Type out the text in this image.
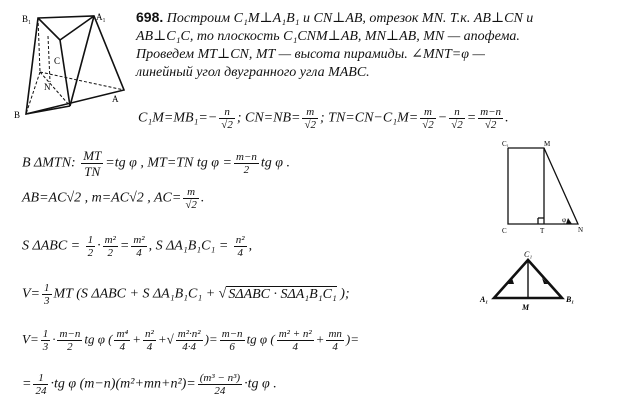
B₁	A₁
C
N
B
A
698. Построим C₁M⊥A₁B₁ и CN⊥AB, отрезок MN. Т.к. AB⊥CN и
AB⊥C₁C, то плоскость C₁CNM⊥AB, MN⊥AB, MN — апофема.
Проведем MT⊥CN, MT — высота пирамиды. ∠MNT=φ —
линейный угол двугранного угла MABC.
$C_1M=MB_1=- \frac{n}{√2}$ ; $CN=NB= \frac{m}{√2}$ ; $TN=CN-C_1M= \frac{m}{√2} - \frac{n}{√2} = \frac{m-n}{√2}$ .
В ΔMTN: $\frac{MT}{TN} =tg$ φ , MT=TN tg $\varphi = \frac{m-n}{2}$ tg φ .
AB=AC√2 , m=AC√2 , $AC= \frac{m}{√2}$ .
S $\Delta ABC = \frac{1}{2} \cdot \frac{\text{m²}}{2} = \frac{\text{m²}}{4}$ , S $\Delta A_1B_1C_1 = \frac{\text{n²}}{4}$ ,
$V= \frac{1}{3}$ MT (S ΔABC + S ΔA₁B₁C₁ + √ SΔABC · SΔA₁B₁C₁ );
$V= \frac{1}{3} \cdot \frac{m-n}{2}$ tg φ ( $\frac{\text{m⁴}}{4} + \frac{\text{n²}}{4}$ +√ $\frac{\text{m²·n²}}{4\cdot 4}$ )= $\frac{m-n}{6}$ tg φ ( $\frac{\text{m² + n²}}{4} + \frac{mn}{4}$ )=
= $\frac{1}{24} \cdot tg$ φ $(m-n)(m^2+mn+n^2)= \frac{\text{(m³ − n³)}}{24} \cdot tg$ φ .
C₁	M
C	T
φ
N
C₁
A₁
M
B₁
